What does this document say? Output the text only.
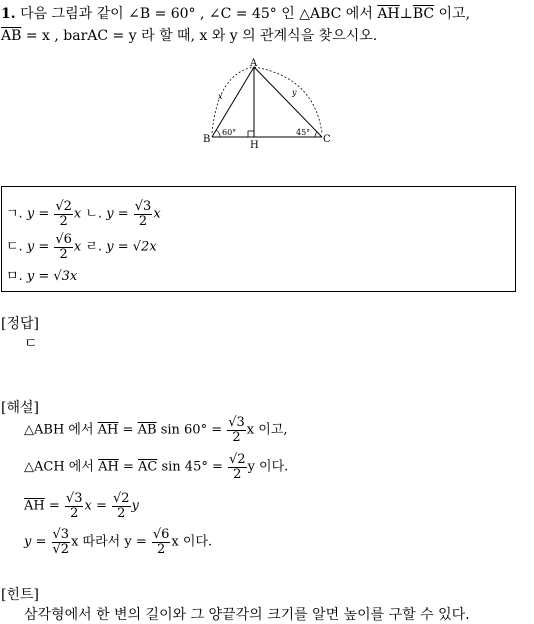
1. 다음 그림과 같이 ∠B = 60° , ∠C = 45° 인 △ABC 에서 $\overline{AH}\perp\overline{BC}$ 이고,
$\overline{AB} = x$ , barAC = y 라 할 때, x 와 y 의 관계식을 찾으시오.
A
B	C
H
60°	45°
x	y
ㄱ. $y = \frac{√2}{2}$ x ㄴ. $y = \frac{√3}{2}$ x
ㄷ. $y = \frac{√6}{2}$ x ㄹ. y = √2x
ㅁ. y = √3x
[정답]
ㄷ
[해설]
△ABH 에서 $\overline{AH} = \overline{AB}$ $\sin 60^\circ = \frac{√3}{2}$ x 이고,
△ACH 에서 $\overline{AH} = \overline{AC}$ $\sin 45^\circ = \frac{√2}{2}$ y 이다.
$\overline{AH} = \frac{√3}{2}$ $x = \frac{√2}{2}$ y
$y = \frac{√3}{√2}$ x 따라서 $y = \frac{√6}{2}$ x 이다.
[힌트]
삼각형에서 한 변의 길이와 그 양끝각의 크기를 알면 높이를 구할 수 있다.
